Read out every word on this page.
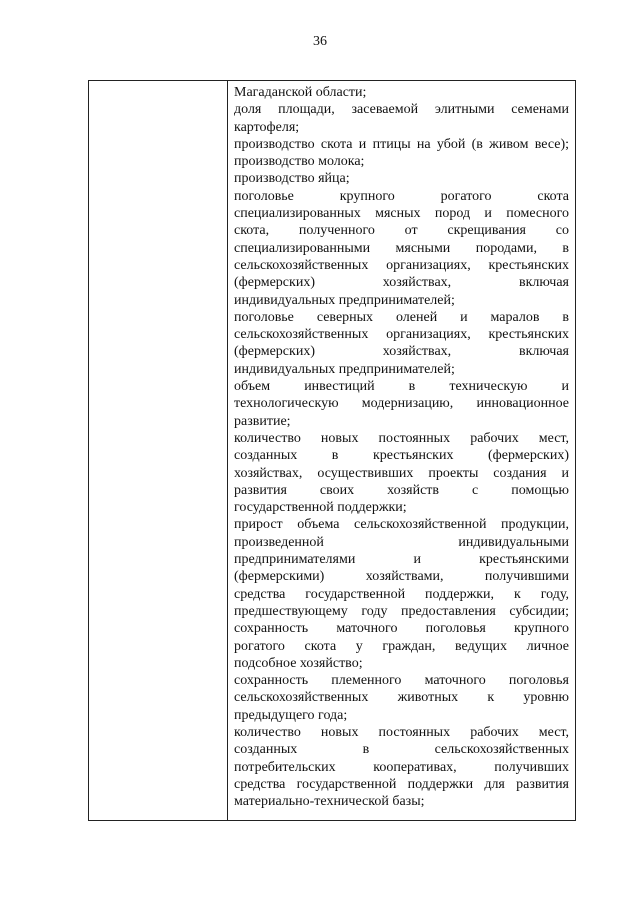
36

Магаданской области;

доля площади, засеваемой элитными семенами

картофеля;

производство скота и птицы на убой (в живом весе);

производство молока;

производство яйца;

поголовье крупного рогатого скота

специализированных мясных пород и помесного

скота, полученного от скрещивания со

специализированными мясными породами, в

сельскохозяйственных организациях, крестьянских

(фермерских) хозяйствах, включая

индивидуальных предпринимателей;

поголовье северных оленей и маралов в

сельскохозяйственных организациях, крестьянских

(фермерских) хозяйствах, включая

индивидуальных предпринимателей;

объем инвестиций в техническую и

технологическую модернизацию, инновационное

развитие;

количество новых постоянных рабочих мест,

созданных в крестьянских (фермерских)

хозяйствах, осуществивших проекты создания и

развития своих хозяйств с помощью

государственной поддержки;

прирост объема сельскохозяйственной продукции,

произведенной индивидуальными

предпринимателями и крестьянскими

(фермерскими) хозяйствами, получившими

средства государственной поддержки, к году,

предшествующему году предоставления субсидии;

сохранность маточного поголовья крупного

рогатого скота у граждан, ведущих личное

подсобное хозяйство;

сохранность племенного маточного поголовья

сельскохозяйственных животных к уровню

предыдущего года;

количество новых постоянных рабочих мест,

созданных в сельскохозяйственных

потребительских кооперативах, получивших

средства государственной поддержки для развития

материально-технической базы;
